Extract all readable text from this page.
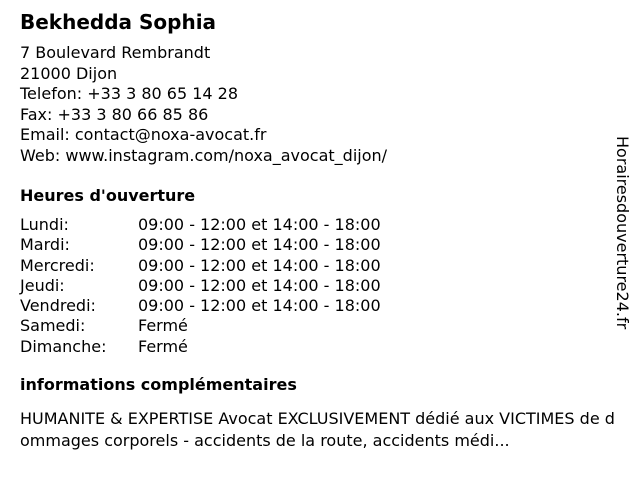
Bekhedda Sophia
7 Boulevard Rembrandt
21000 Dijon
Telefon: +33 3 80 65 14 28
Fax: +33 3 80 66 85 86
Email: contact@noxa-avocat.fr
Web: www.instagram.com/noxa_avocat_dijon/
Heures d'ouverture
Lundi:	09:00 - 12:00 et 14:00 - 18:00
Mardi:	09:00 - 12:00 et 14:00 - 18:00
Mercredi:	09:00 - 12:00 et 14:00 - 18:00
Jeudi:	09:00 - 12:00 et 14:00 - 18:00
Vendredi:	09:00 - 12:00 et 14:00 - 18:00
Samedi:	Fermé
Dimanche:	Fermé
informations complémentaires
HUMANITE & EXPERTISE Avocat EXCLUSIVEMENT dédié aux VICTIMES de dommages corporels - accidents de la route, accidents médi...
Horairesdouverture24.fr
